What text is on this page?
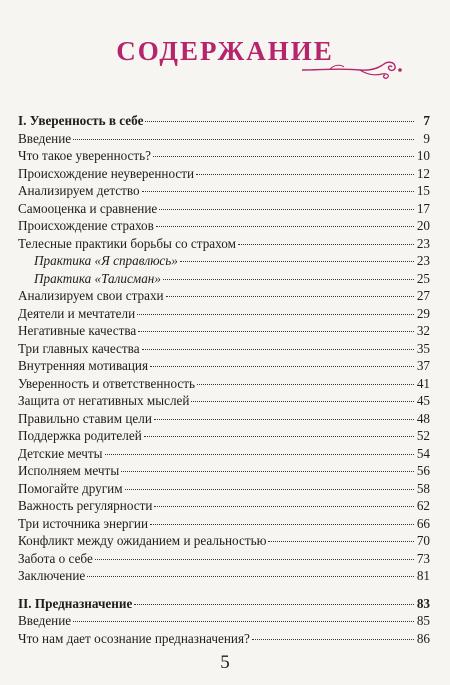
СОДЕРЖАНИЕ
I. Уверенность в себе	7
Введение	9
Что такое уверенность?	10
Происхождение неуверенности	12
Анализируем детство	15
Самооценка и сравнение	17
Происхождение страхов	20
Телесные практики борьбы со страхом	23
Практика «Я справлюсь»	23
Практика «Талисман»	25
Анализируем свои страхи	27
Деятели и мечтатели	29
Негативные качества	32
Три главных качества	35
Внутренняя мотивация	37
Уверенность и ответственность	41
Защита от негативных мыслей	45
Правильно ставим цели	48
Поддержка родителей	52
Детские мечты	54
Исполняем мечты	56
Помогайте другим	58
Важность регулярности	62
Три источника энергии	66
Конфликт между ожиданием и реальностью	70
Забота о себе	73
Заключение	81
II. Предназначение	83
Введение	85
Что нам дает осознание предназначения?	86
5
